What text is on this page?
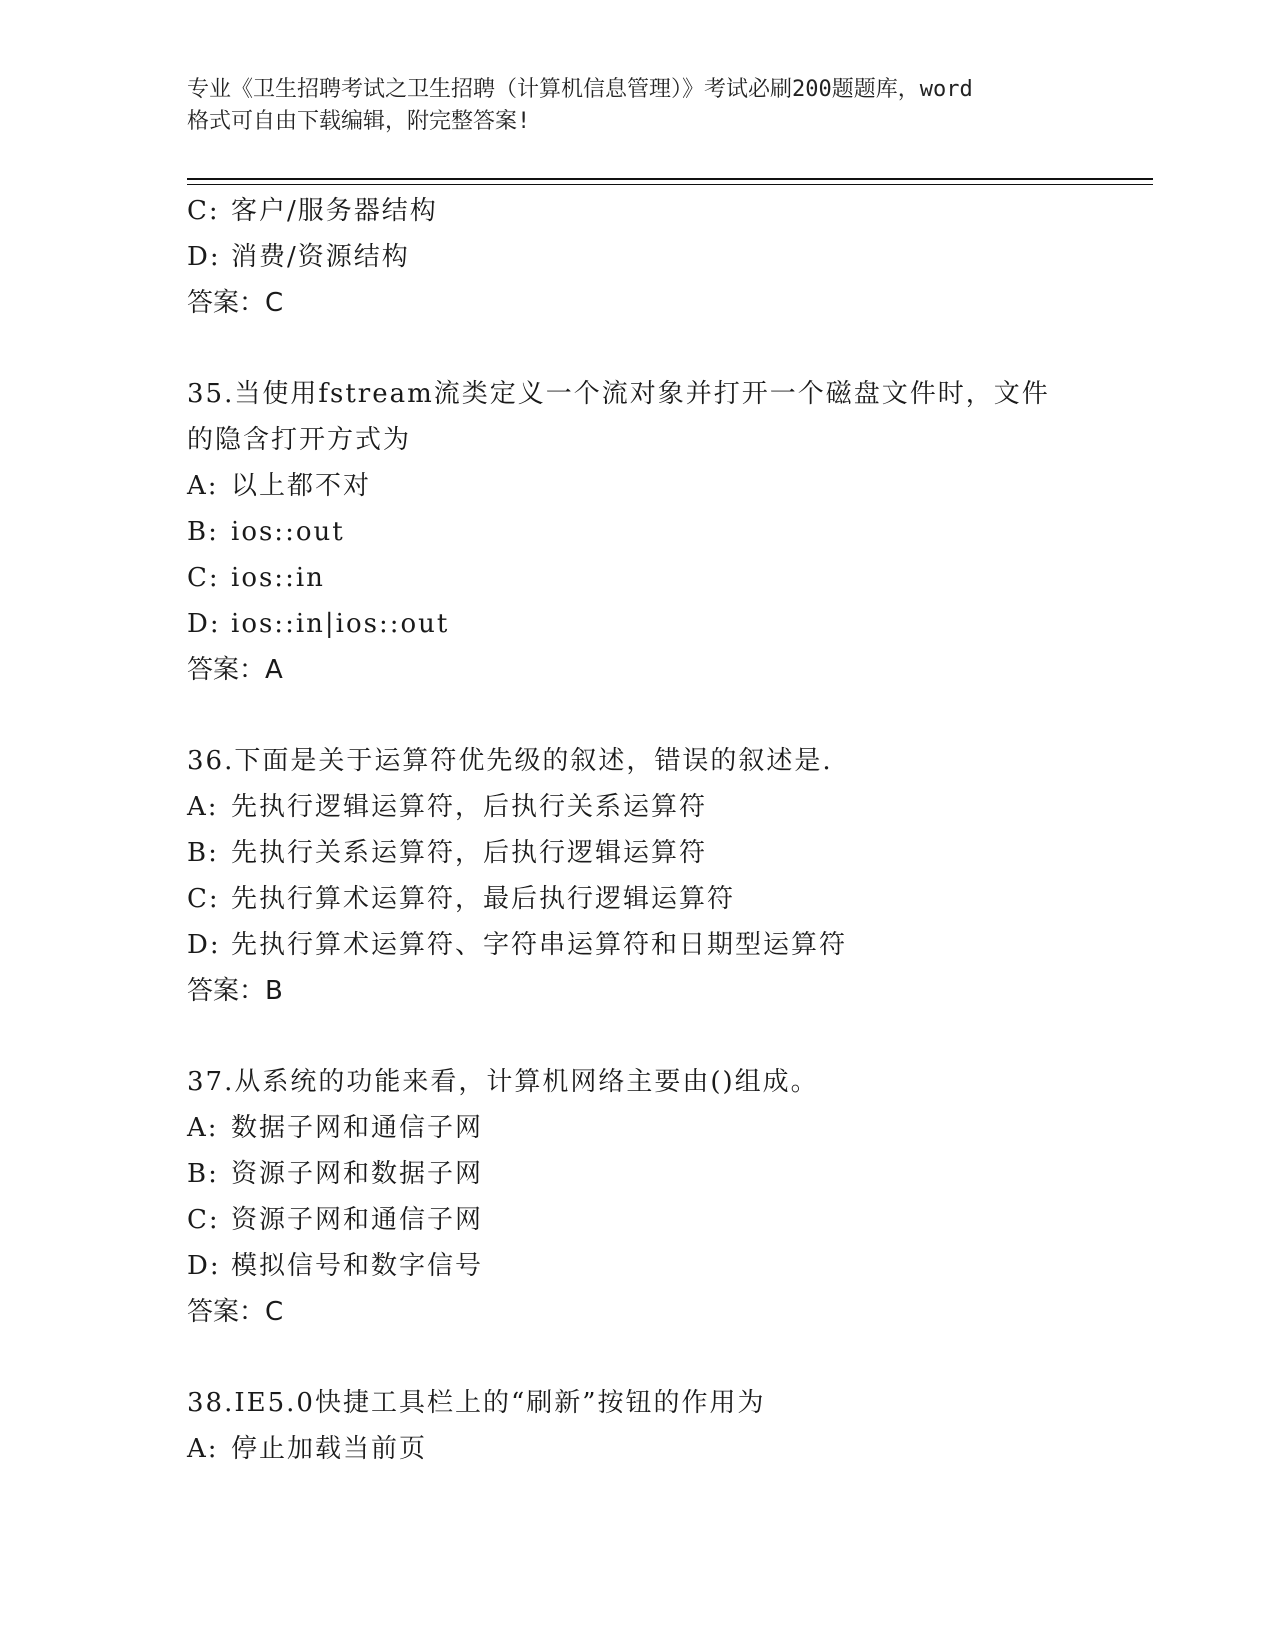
专业《卫生招聘考试之卫生招聘（计算机信息管理）》考试必刷200题题库，word
格式可自由下载编辑，附完整答案!
C: 客户/服务器结构
D: 消费/资源结构
答案：C
35.当使用fstream流类定义一个流对象并打开一个磁盘文件时，文件
的隐含打开方式为
A: 以上都不对
B: ios::out
C: ios::in
D: ios::in|ios::out
答案：A
36.下面是关于运算符优先级的叙述，错误的叙述是.
A: 先执行逻辑运算符，后执行关系运算符
B: 先执行关系运算符，后执行逻辑运算符
C: 先执行算术运算符，最后执行逻辑运算符
D: 先执行算术运算符、字符串运算符和日期型运算符
答案：B
37.从系统的功能来看，计算机网络主要由()组成。
A: 数据子网和通信子网
B: 资源子网和数据子网
C: 资源子网和通信子网
D: 模拟信号和数字信号
答案：C
38.IE5.0快捷工具栏上的“刷新”按钮的作用为
A: 停止加载当前页
